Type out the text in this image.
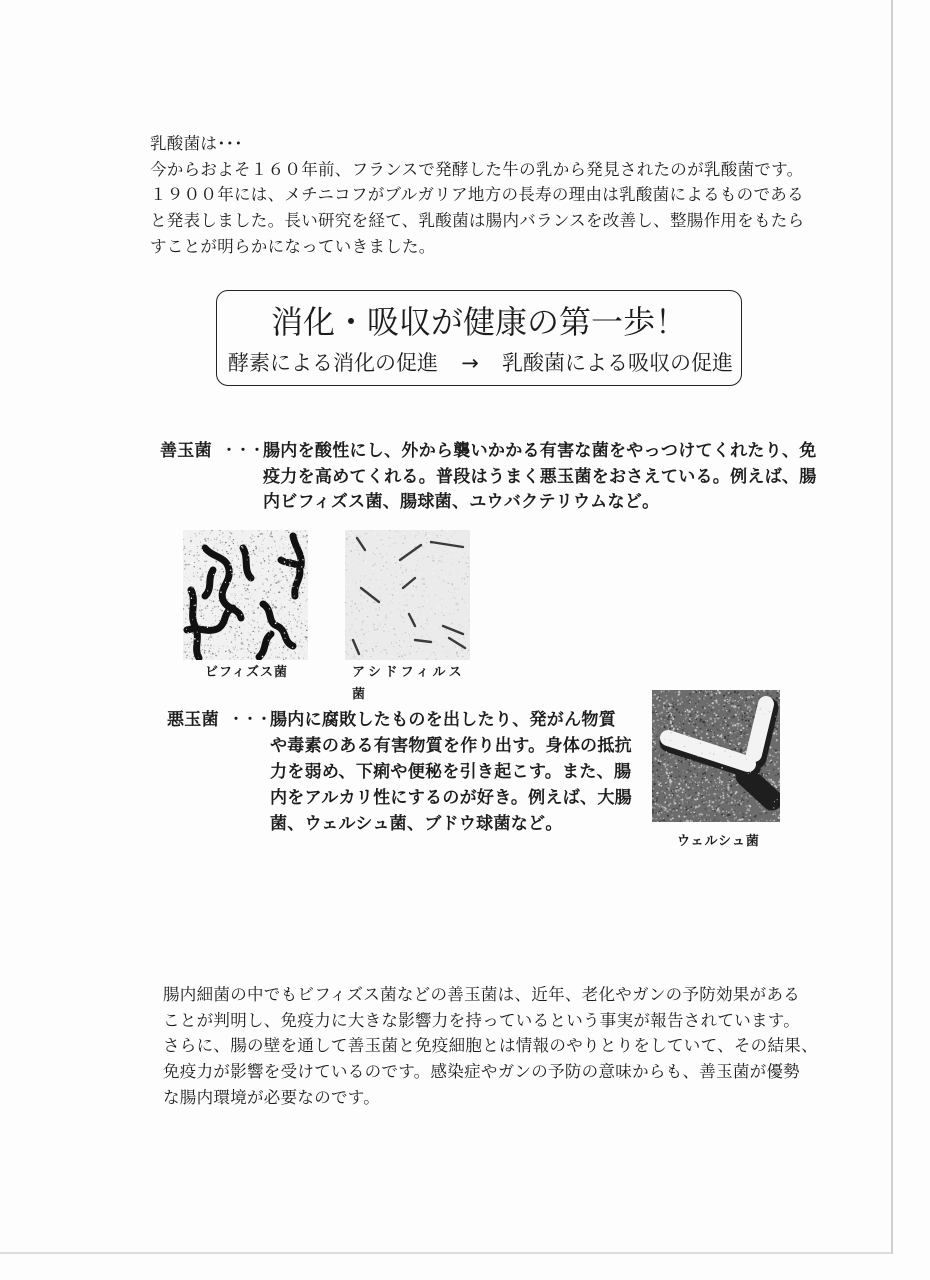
乳酸菌は･･･
今からおよそ１６０年前、フランスで発酵した牛の乳から発見されたのが乳酸菌です。
１９００年には、メチニコフがブルガリア地方の長寿の理由は乳酸菌によるものである
と発表しました。長い研究を経て、乳酸菌は腸内バランスを改善し、整腸作用をもたら
すことが明らかになっていきました。
消化・吸収が健康の第一歩！
酵素による消化の促進 → 乳酸菌による吸収の促進
善玉菌 ・・・ 腸内を酸性にし、外から襲いかかる有害な菌をやっつけてくれたり、免
疫力を高めてくれる。普段はうまく悪玉菌をおさえている。例えば、腸
内ビフィズス菌、腸球菌、ユウバクテリウムなど。
ビフィズス菌	アシドフィルス
菌
ウェルシュ菌
悪玉菌 ・・・ 腸内に腐敗したものを出したり、発がん物質
や毒素のある有害物質を作り出す。身体の抵抗
力を弱め、下痢や便秘を引き起こす。また、腸
内をアルカリ性にするのが好き。例えば、大腸
菌、ウェルシュ菌、ブドウ球菌など。
腸内細菌の中でもビフィズス菌などの善玉菌は、近年、老化やガンの予防効果がある
ことが判明し、免疫力に大きな影響力を持っているという事実が報告されています。
さらに、腸の壁を通して善玉菌と免疫細胞とは情報のやりとりをしていて、その結果、
免疫力が影響を受けているのです。感染症やガンの予防の意味からも、善玉菌が優勢
な腸内環境が必要なのです。
